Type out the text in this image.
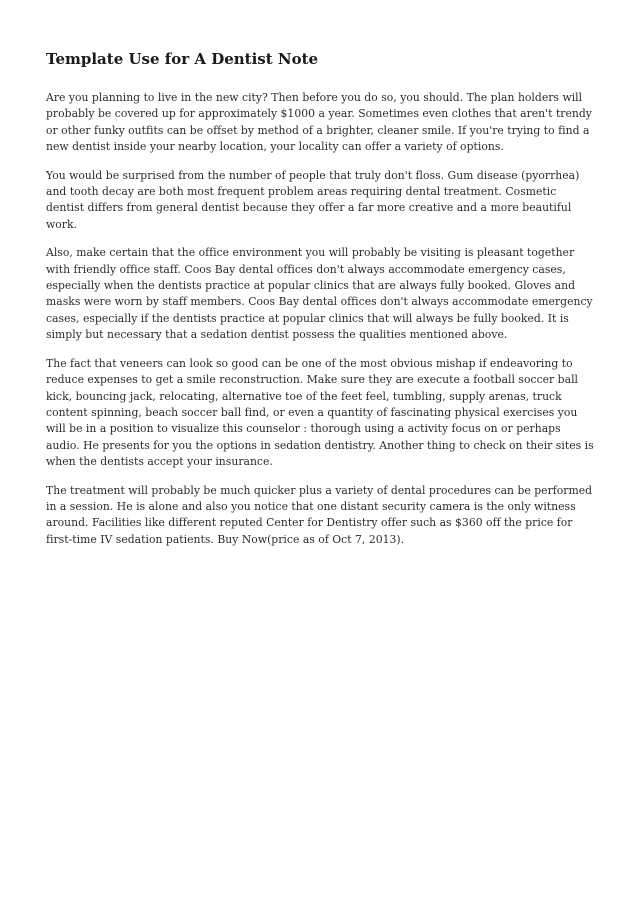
Template Use for A Dentist Note

Are you planning to live in the new city? Then before you do so, you should. The plan holders will probably be covered up for approximately $1000 a year. Sometimes even clothes that aren't trendy or other funky outfits can be offset by method of a brighter, cleaner smile. If you're trying to find a new dentist inside your nearby location, your locality can offer a variety of options.

You would be surprised from the number of people that truly don't floss. Gum disease (pyorrhea) and tooth decay are both most frequent problem areas requiring dental treatment. Cosmetic dentist differs from general dentist because they offer a far more creative and a more beautiful work.

Also, make certain that the office environment you will probably be visiting is pleasant together with friendly office staff. Coos Bay dental offices don't always accommodate emergency cases, especially when the dentists practice at popular clinics that are always fully booked. Gloves and masks were worn by staff members. Coos Bay dental offices don't always accommodate emergency cases, especially if the dentists practice at popular clinics that will always be fully booked. It is simply but necessary that a sedation dentist possess the qualities mentioned above.

The fact that veneers can look so good can be one of the most obvious mishap if endeavoring to reduce expenses to get a smile reconstruction. Make sure they are execute a football soccer ball kick, bouncing jack, relocating, alternative toe of the feet feel, tumbling, supply arenas, truck content spinning, beach soccer ball find, or even a quantity of fascinating physical exercises you will be in a position to visualize this counselor : thorough using a activity focus on or perhaps audio. He presents for you the options in sedation dentistry. Another thing to check on their sites is when the dentists accept your insurance.

The treatment will probably be much quicker plus a variety of dental procedures can be performed in a session. He is alone and also you notice that one distant security camera is the only witness around. Facilities like different reputed Center for Dentistry offer such as $360 off the price for first-time IV sedation patients. Buy Now(price as of Oct 7, 2013).
